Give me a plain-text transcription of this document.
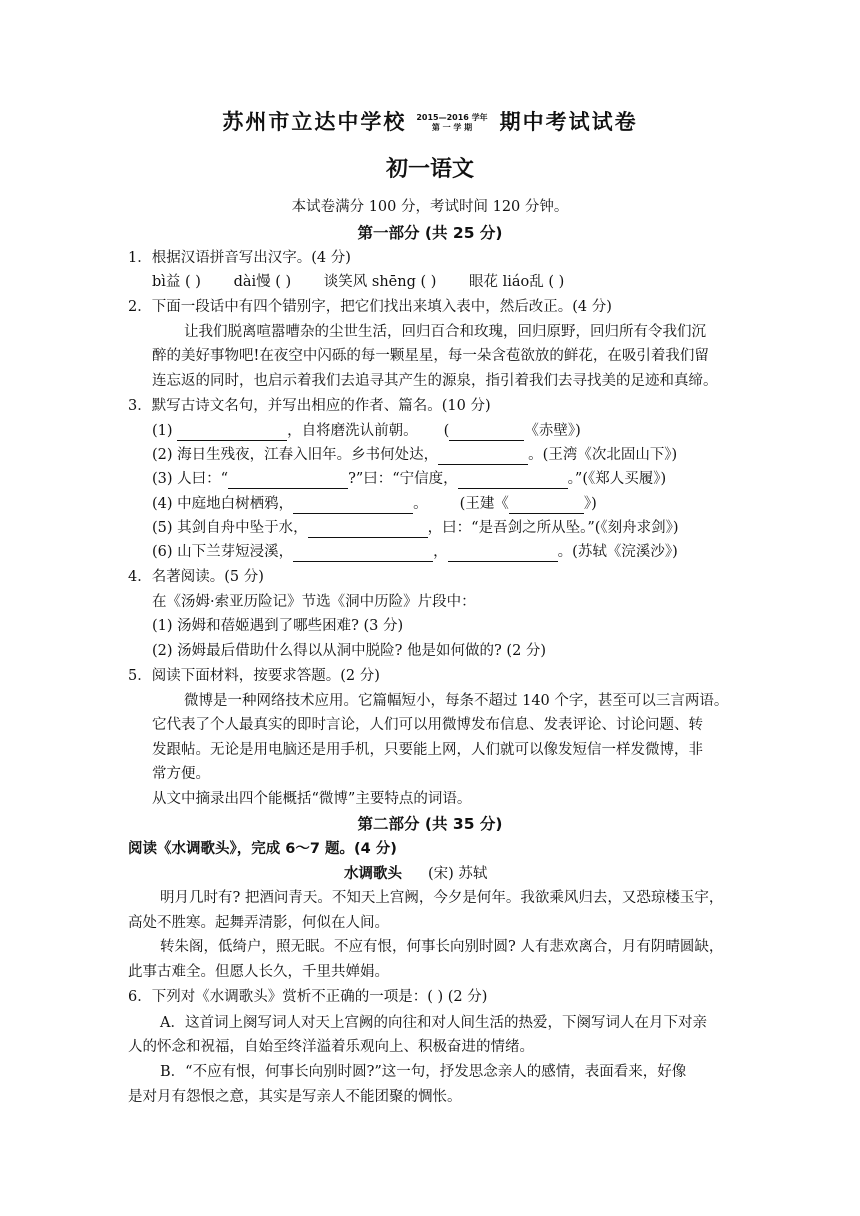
苏州市立达中学校 2015—2016 学年
第 一 学 期 期中考试试卷
初一语文
本试卷满分 100 分，考试时间 120 分钟。
第一部分 (共 25 分)
1．根据汉语拼音写出汉字。(4 分)
bì益 ( ) dài慢 ( ) 谈笑风 shēng ( ) 眼花 liáo乱 ( )
2．下面一段话中有四个错别字，把它们找出来填入表中，然后改正。(4 分)
让我们脱离喧嚣嘈杂的尘世生活，回归百合和玫瑰，回归原野，回归所有令我们沉
醉的美好事物吧!在夜空中闪砾的每一颗星星，每一朵含苞欲放的鲜花，在吸引着我们留
连忘返的同时，也启示着我们去追寻其产生的源泉，指引着我们去寻找美的足迹和真缔。
3．默写古诗文名句，并写出相应的作者、篇名。(10 分)
(1)	，自将磨洗认前朝。 (	《赤壁》)
(2) 海日生残夜，江春入旧年。乡书何处达，	。(王湾《次北固山下》)
(3) 人曰：“	?”曰：“宁信度，	。”(《郑人买履》)
(4) 中庭地白树栖鸦，	。 (王建《	》)
(5) 其剑自舟中坠于水，	，曰：“是吾剑之所从坠。”(《刻舟求剑》)
(6) 山下兰芽短浸溪，	，	。(苏轼《浣溪沙》)
4．名著阅读。(5 分)
在《汤姆·索亚历险记》节选《洞中历险》片段中：
(1) 汤姆和蓓姬遇到了哪些困难? (3 分)
(2) 汤姆最后借助什么得以从洞中脱险? 他是如何做的? (2 分)
5．阅读下面材料，按要求答题。(2 分)
微博是一种网络技术应用。它篇幅短小，每条不超过 140 个字，甚至可以三言两语。
它代表了个人最真实的即时言论，人们可以用微博发布信息、发表评论、讨论问题、转
发跟帖。无论是用电脑还是用手机，只要能上网，人们就可以像发短信一样发微博，非
常方便。
从文中摘录出四个能概括“微博”主要特点的词语。
第二部分 (共 35 分)
阅读《水调歌头》，完成 6～7 题。(4 分)
水调歌头 (宋) 苏轼
明月几时有? 把酒问青天。不知天上宫阙，今夕是何年。我欲乘风归去，又恐琼楼玉宇，
高处不胜寒。起舞弄清影，何似在人间。
转朱阁，低绮户，照无眠。不应有恨，何事长向别时圆? 人有悲欢离合，月有阴晴圆缺，
此事古难全。但愿人长久，千里共婵娟。
6．下列对《水调歌头》赏析不正确的一项是：( ) (2 分)
A．这首词上阕写词人对天上宫阙的向往和对人间生活的热爱，下阕写词人在月下对亲
人的怀念和祝福，自始至终洋溢着乐观向上、积极奋进的情绪。
B．“不应有恨，何事长向别时圆?”这一句，抒发思念亲人的感情，表面看来，好像
是对月有怨恨之意，其实是写亲人不能团聚的惆怅。
